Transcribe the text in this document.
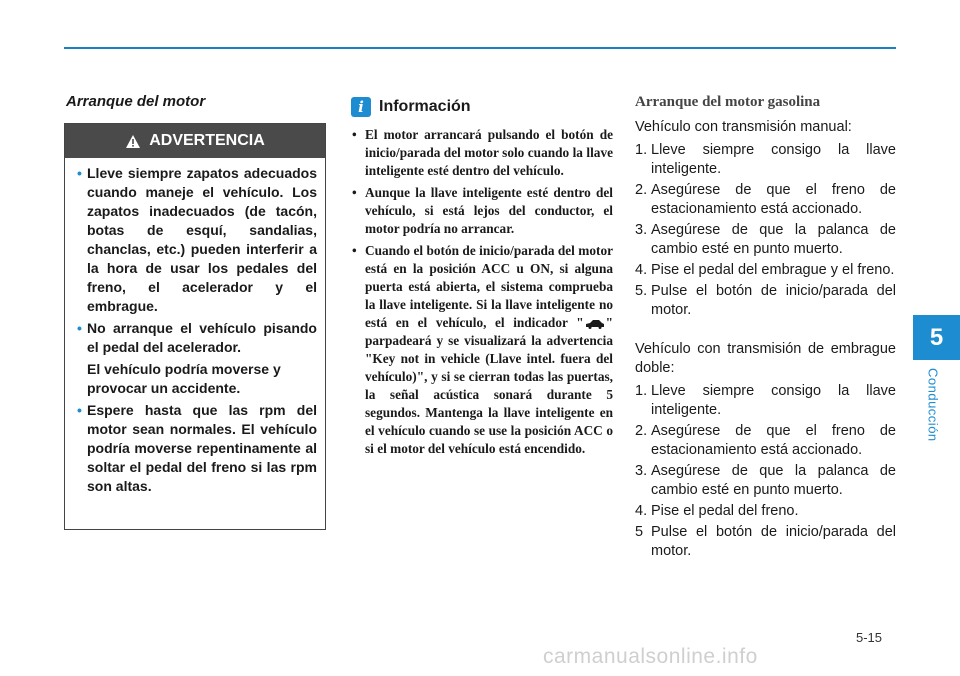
5
Conducción
Arranque del motor
ADVERTENCIA
• Lleve siempre zapatos adecuados cuando maneje el vehículo. Los zapatos inadecuados (de tacón, botas de esquí, sandalias, chanclas, etc.) pueden interferir a la hora de usar los pedales del freno, el acelerador y el embrague.
• No arranque el vehículo pisando el pedal del acelerador.
El vehículo podría moverse y provocar un accidente.
• Espere hasta que las rpm del motor sean normales. El vehículo podría moverse repentinamente al soltar el pedal del freno si las rpm son altas.
i Información
• El motor arrancará pulsando el botón de inicio/parada del motor solo cuando la llave inteligente esté dentro del vehículo.
• Aunque la llave inteligente esté dentro del vehículo, si está lejos del conductor, el motor podría no arrancar.
• Cuando el botón de inicio/parada del motor está en la posición ACC u ON, si alguna puerta está abierta, el sistema comprueba la llave inteligente. Si la llave inteligente no está en el vehículo, el indicador " " parpadeará y se visualizará la advertencia "Key not in vehicle (Llave intel. fuera del vehículo)", y si se cierran todas las puertas, la señal acústica sonará durante 5 segundos. Mantenga la llave inteligente en el vehículo cuando se use la posición ACC o si el motor del vehículo está encendido.
Arranque del motor gasolina
Vehículo con transmisión manual:
1. Lleve siempre consigo la llave inteligente.
2. Asegúrese de que el freno de estacionamiento está accionado.
3. Asegúrese de que la palanca de cambio esté en punto muerto.
4. Pise el pedal del embrague y el freno.
5. Pulse el botón de inicio/parada del motor.
Vehículo con transmisión de embrague doble:
1. Lleve siempre consigo la llave inteligente.
2. Asegúrese de que el freno de estacionamiento está accionado.
3. Asegúrese de que la palanca de cambio esté en punto muerto.
4. Pise el pedal del freno.
5 Pulse el botón de inicio/parada del motor.
5-15
carmanualsonline.info
